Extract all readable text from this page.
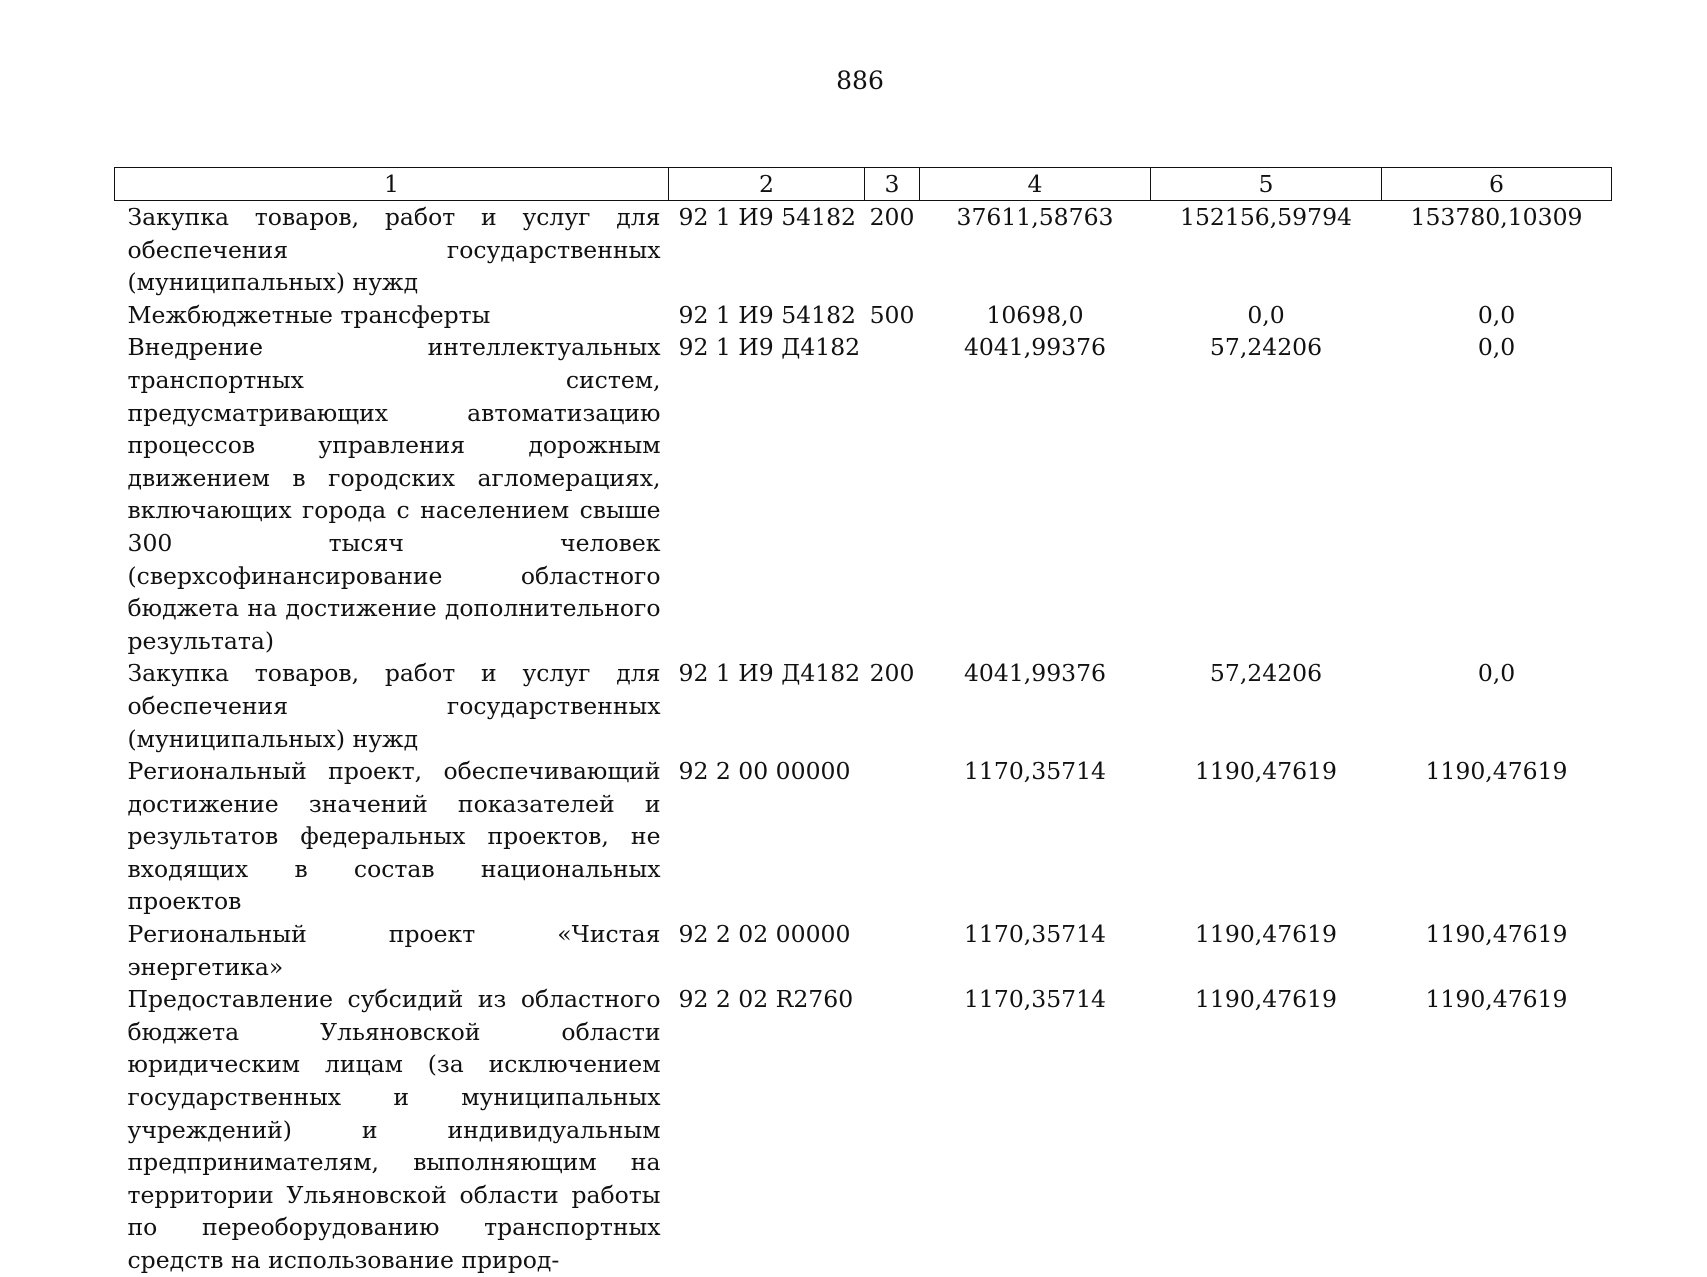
886
1	2	3	4	5	6
Закупка товаров, работ и услуг для обеспечения государственных (муниципальных) нужд	92 1 И9 54182	200	37611,58763	152156,59794	153780,10309
Межбюджетные трансферты	92 1 И9 54182	500	10698,0	0,0	0,0
Внедрение интеллектуальных транспортных систем, предусматривающих автоматизацию процессов управления дорожным движением в городских агломерациях, включающих города с населением свыше 300 тысяч человек (сверхсофинансирование областного бюджета на достижение дополнительного результата)	92 1 И9 Д4182		4041,99376	57,24206	0,0
Закупка товаров, работ и услуг для обеспечения государственных (муниципальных) нужд	92 1 И9 Д4182	200	4041,99376	57,24206	0,0
Региональный проект, обеспечивающий достижение значений показателей и результатов федеральных проектов, не входящих в состав национальных проектов	92 2 00 00000		1170,35714	1190,47619	1190,47619
Региональный проект «Чистая энергетика»	92 2 02 00000		1170,35714	1190,47619	1190,47619
Предоставление субсидий из областного бюджета Ульяновской области юридическим лицам (за исключением государственных и муниципальных учреждений) и индивидуальным предпринимателям, выполняющим на территории Ульяновской области работы по переоборудованию транспортных средств на использование природ-	92 2 02 R2760		1170,35714	1190,47619	1190,47619
